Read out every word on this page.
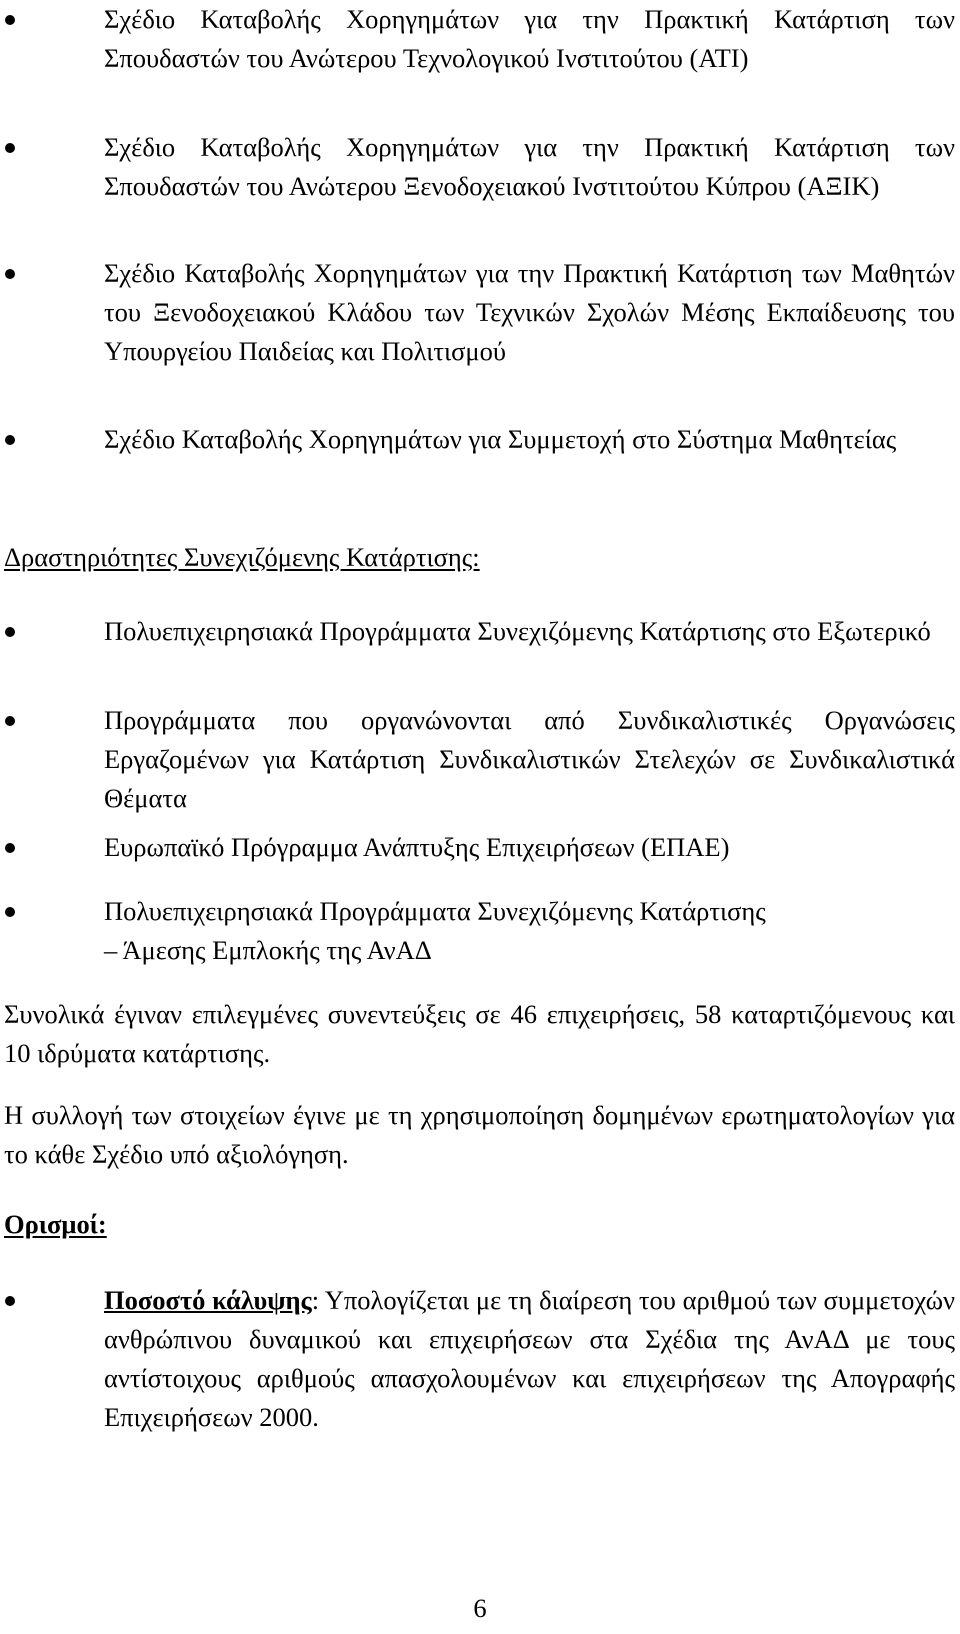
Σχέδιο Καταβολής Χορηγημάτων για την Πρακτική Κατάρτιση των Σπουδαστών του Ανώτερου Τεχνολογικού Ινστιτούτου (ΑΤΙ)
Σχέδιο Καταβολής Χορηγημάτων για την Πρακτική Κατάρτιση των Σπουδαστών του Ανώτερου Ξενοδοχειακού Ινστιτούτου Κύπρου (ΑΞΙΚ)
Σχέδιο Καταβολής Χορηγημάτων για την Πρακτική Κατάρτιση των Μαθητών του Ξενοδοχειακού Κλάδου των Τεχνικών Σχολών Μέσης Εκπαίδευσης του Υπουργείου Παιδείας και Πολιτισμού
Σχέδιο Καταβολής Χορηγημάτων για Συμμετοχή στο Σύστημα Μαθητείας
Δραστηριότητες Συνεχιζόμενης Κατάρτισης:
Πολυεπιχειρησιακά Προγράμματα Συνεχιζόμενης Κατάρτισης στο Εξωτερικό
Προγράμματα που οργανώνονται από Συνδικαλιστικές Οργανώσεις Εργαζομένων για Κατάρτιση Συνδικαλιστικών Στελεχών σε Συνδικαλιστικά Θέματα
Ευρωπαϊκό Πρόγραμμα Ανάπτυξης Επιχειρήσεων (ΕΠΑΕ)
Πολυεπιχειρησιακά Προγράμματα Συνεχιζόμενης Κατάρτισης
– Άμεσης Εμπλοκής της ΑνΑΔ
Συνολικά έγιναν επιλεγμένες συνεντεύξεις σε 46 επιχειρήσεις, 58 καταρτιζόμενους και 10 ιδρύματα κατάρτισης.
Η συλλογή των στοιχείων έγινε με τη χρησιμοποίηση δομημένων ερωτηματολογίων για το κάθε Σχέδιο υπό αξιολόγηση.
Ορισμοί:
Ποσοστό κάλυψης: Υπολογίζεται με τη διαίρεση του αριθμού των συμμετοχών ανθρώπινου δυναμικού και επιχειρήσεων στα Σχέδια της ΑνΑΔ με τους αντίστοιχους αριθμούς απασχολουμένων και επιχειρήσεων της Απογραφής Επιχειρήσεων 2000.
6
